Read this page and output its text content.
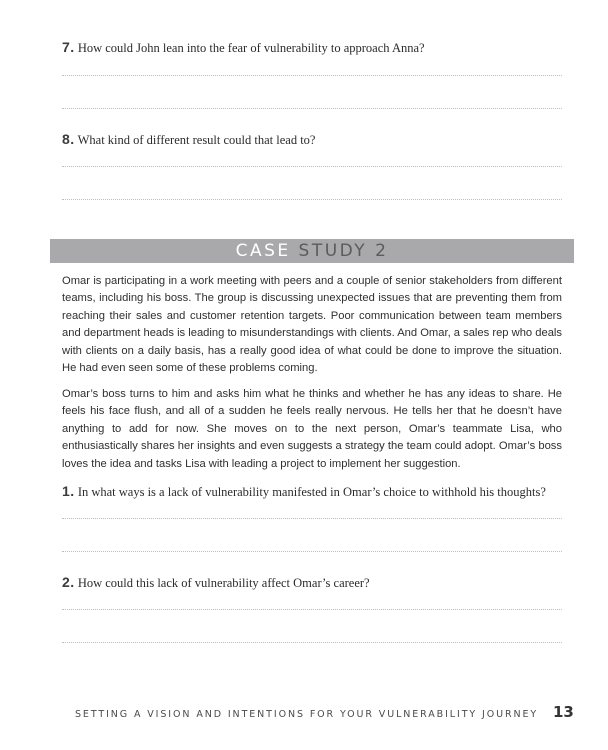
7. How could John lean into the fear of vulnerability to approach Anna?
8. What kind of different result could that lead to?
CASE STUDY 2

Omar is participating in a work meeting with peers and a couple of senior stakeholders from different teams, including his boss. The group is discussing unexpected issues that are preventing them from reaching their sales and customer retention targets. Poor communication between team members and department heads is leading to misunderstandings with clients. And Omar, a sales rep who deals with clients on a daily basis, has a really good idea of what could be done to improve the situation. He had even seen some of these problems coming.

Omar’s boss turns to him and asks him what he thinks and whether he has any ideas to share. He feels his face flush, and all of a sudden he feels really nervous. He tells her that he doesn’t have anything to add for now. She moves on to the next person, Omar’s teammate Lisa, who enthusiastically shares her insights and even suggests a strategy the team could adopt. Omar’s boss loves the idea and tasks Lisa with leading a project to implement her suggestion.

1. In what ways is a lack of vulnerability manifested in Omar’s choice to withhold his thoughts?
2. How could this lack of vulnerability affect Omar’s career?
SETTING A VISION AND INTENTIONS FOR YOUR VULNERABILITY JOURNEY 13
